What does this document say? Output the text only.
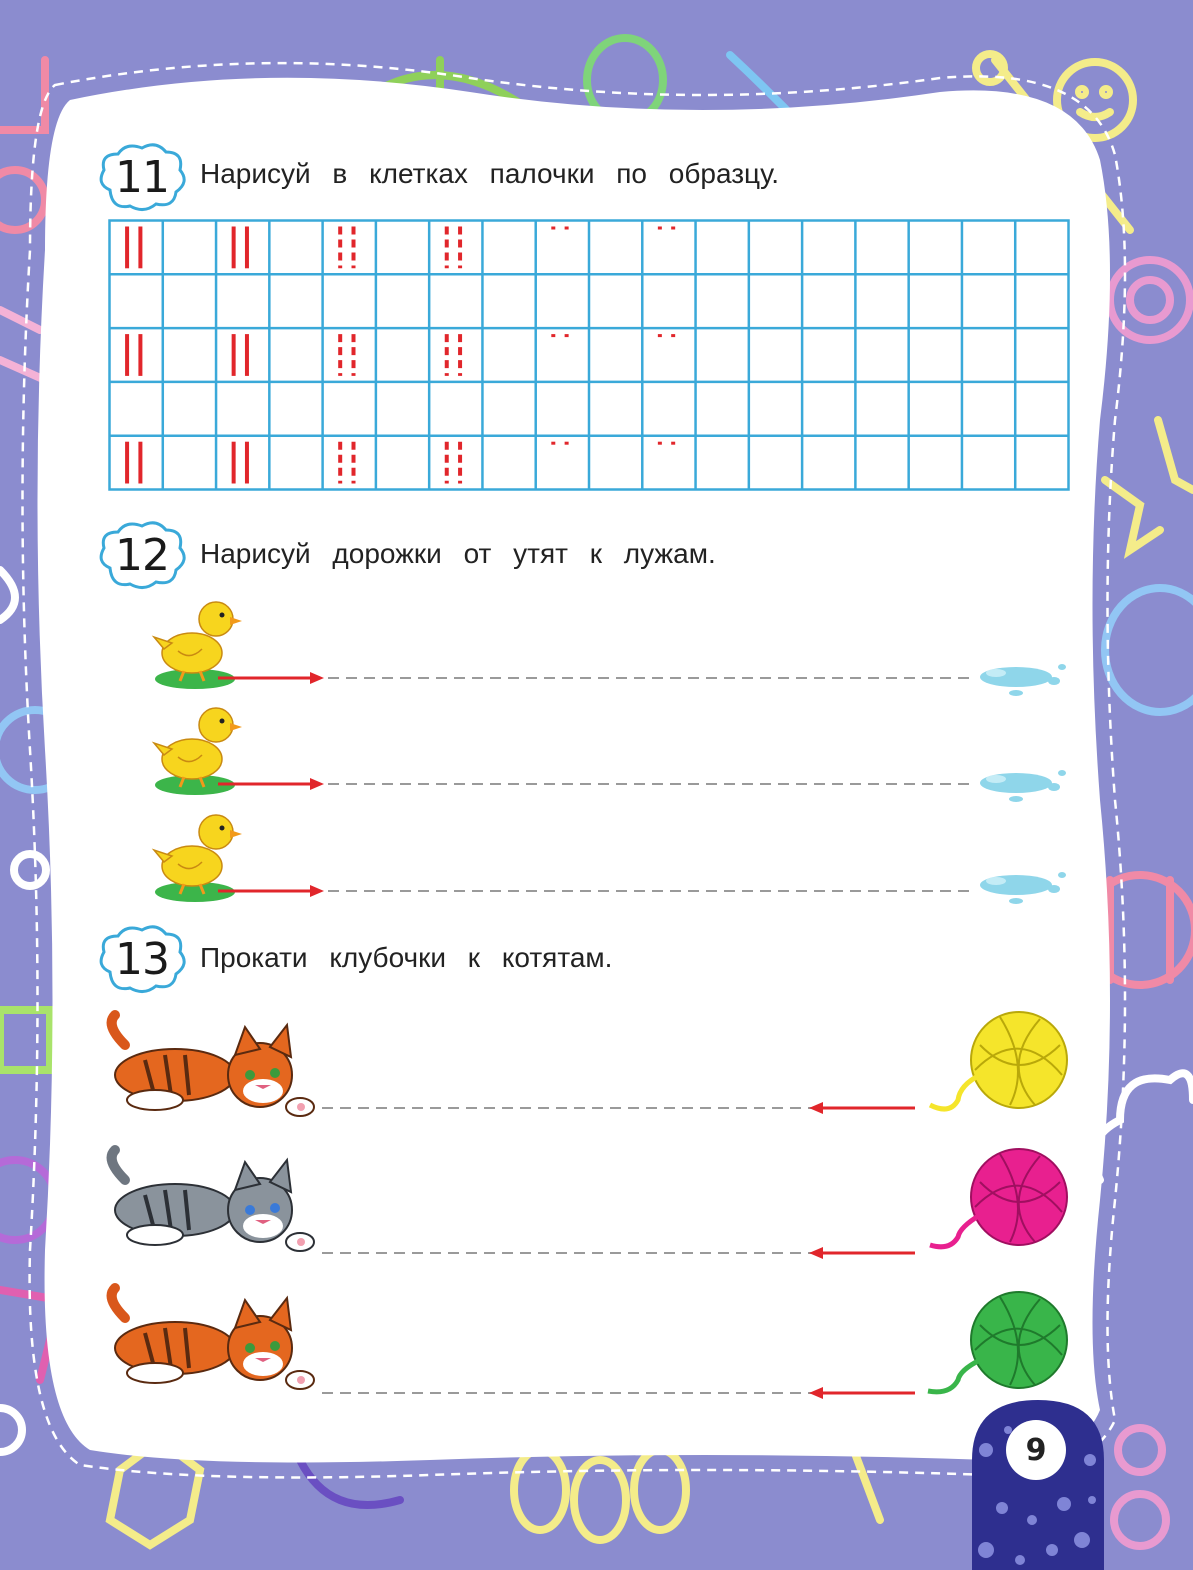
11	Нарисуй в клетках палочки по образцу.
12	Нарисуй дорожки от утят к лужам.
13	Прокати клубочки к котятам.
9
